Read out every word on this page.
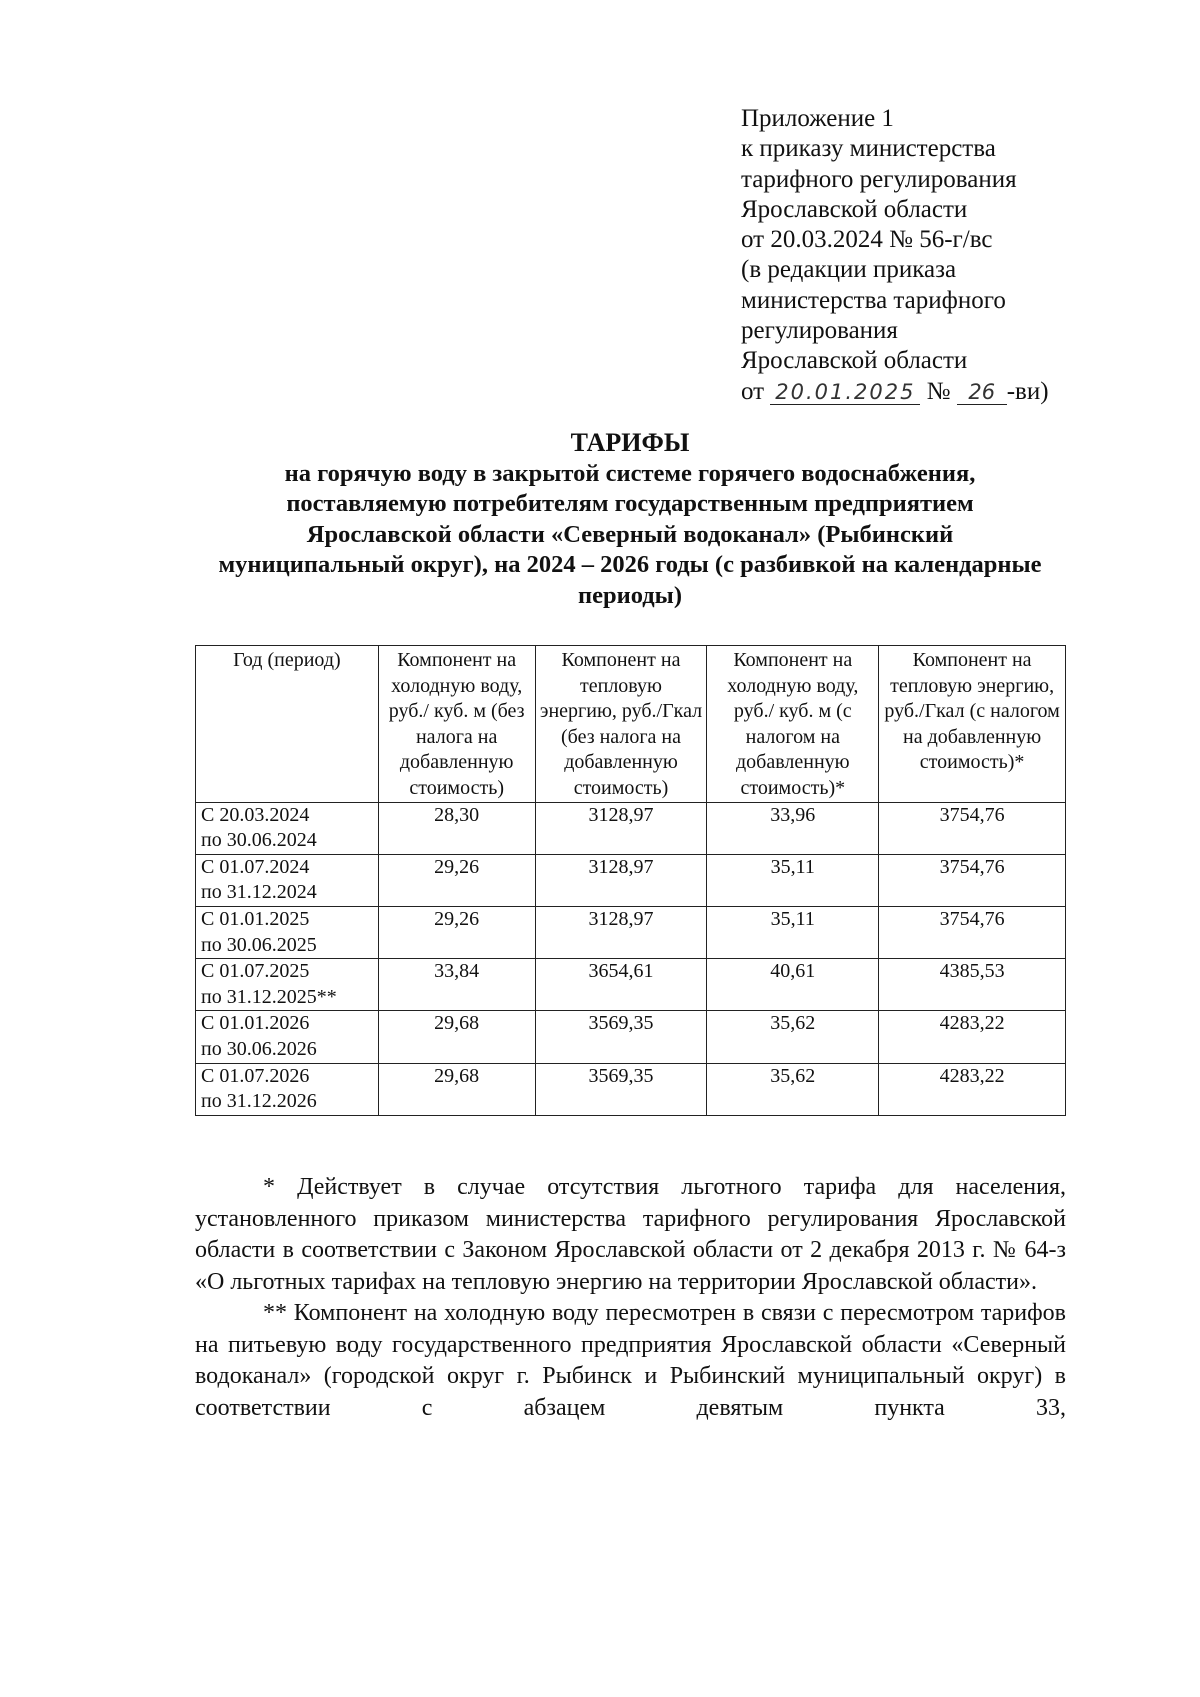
Приложение 1
к приказу министерства
тарифного регулирования
Ярославской области
от 20.03.2024 № 56-г/вс
(в редакции приказа
министерства тарифного
регулирования
Ярославской области
от 20.01.2025 № 26 -ви)
ТАРИФЫ
на горячую воду в закрытой системе горячего водоснабжения,
поставляемую потребителям государственным предприятием
Ярославской области «Северный водоканал» (Рыбинский
муниципальный округ), на 2024 – 2026 годы (с разбивкой на календарные
периоды)
Год (период)	Компонент на холодную воду, руб./ куб. м (без налога на добавленную стоимость)	Компонент на тепловую энергию, руб./Гкал (без налога на добавленную стоимость)	Компонент на холодную воду, руб./ куб. м (с налогом на добавленную стоимость)*	Компонент на тепловую энергию, руб./Гкал (с налогом на добавленную стоимость)*

С 20.03.2024
по 30.06.2024	28,30	3128,97	33,96	3754,76

С 01.07.2024
по 31.12.2024	29,26	3128,97	35,11	3754,76

С 01.01.2025
по 30.06.2025	29,26	3128,97	35,11	3754,76

С 01.07.2025
по 31.12.2025**	33,84	3654,61	40,61	4385,53

С 01.01.2026
по 30.06.2026	29,68	3569,35	35,62	4283,22

С 01.07.2026
по 31.12.2026	29,68	3569,35	35,62	4283,22

* Действует в случае отсутствия льготного тарифа для населения, установленного приказом министерства тарифного регулирования Ярославской области в соответствии с Законом Ярославской области от 2 декабря 2013 г. № 64-з «О льготных тарифах на тепловую энергию на территории Ярославской области».

** Компонент на холодную воду пересмотрен в связи с пересмотром тарифов на питьевую воду государственного предприятия Ярославской области «Северный водоканал» (городской округ г. Рыбинск и Рыбинский муниципальный округ) в соответствии с абзацем девятым пункта 33,
